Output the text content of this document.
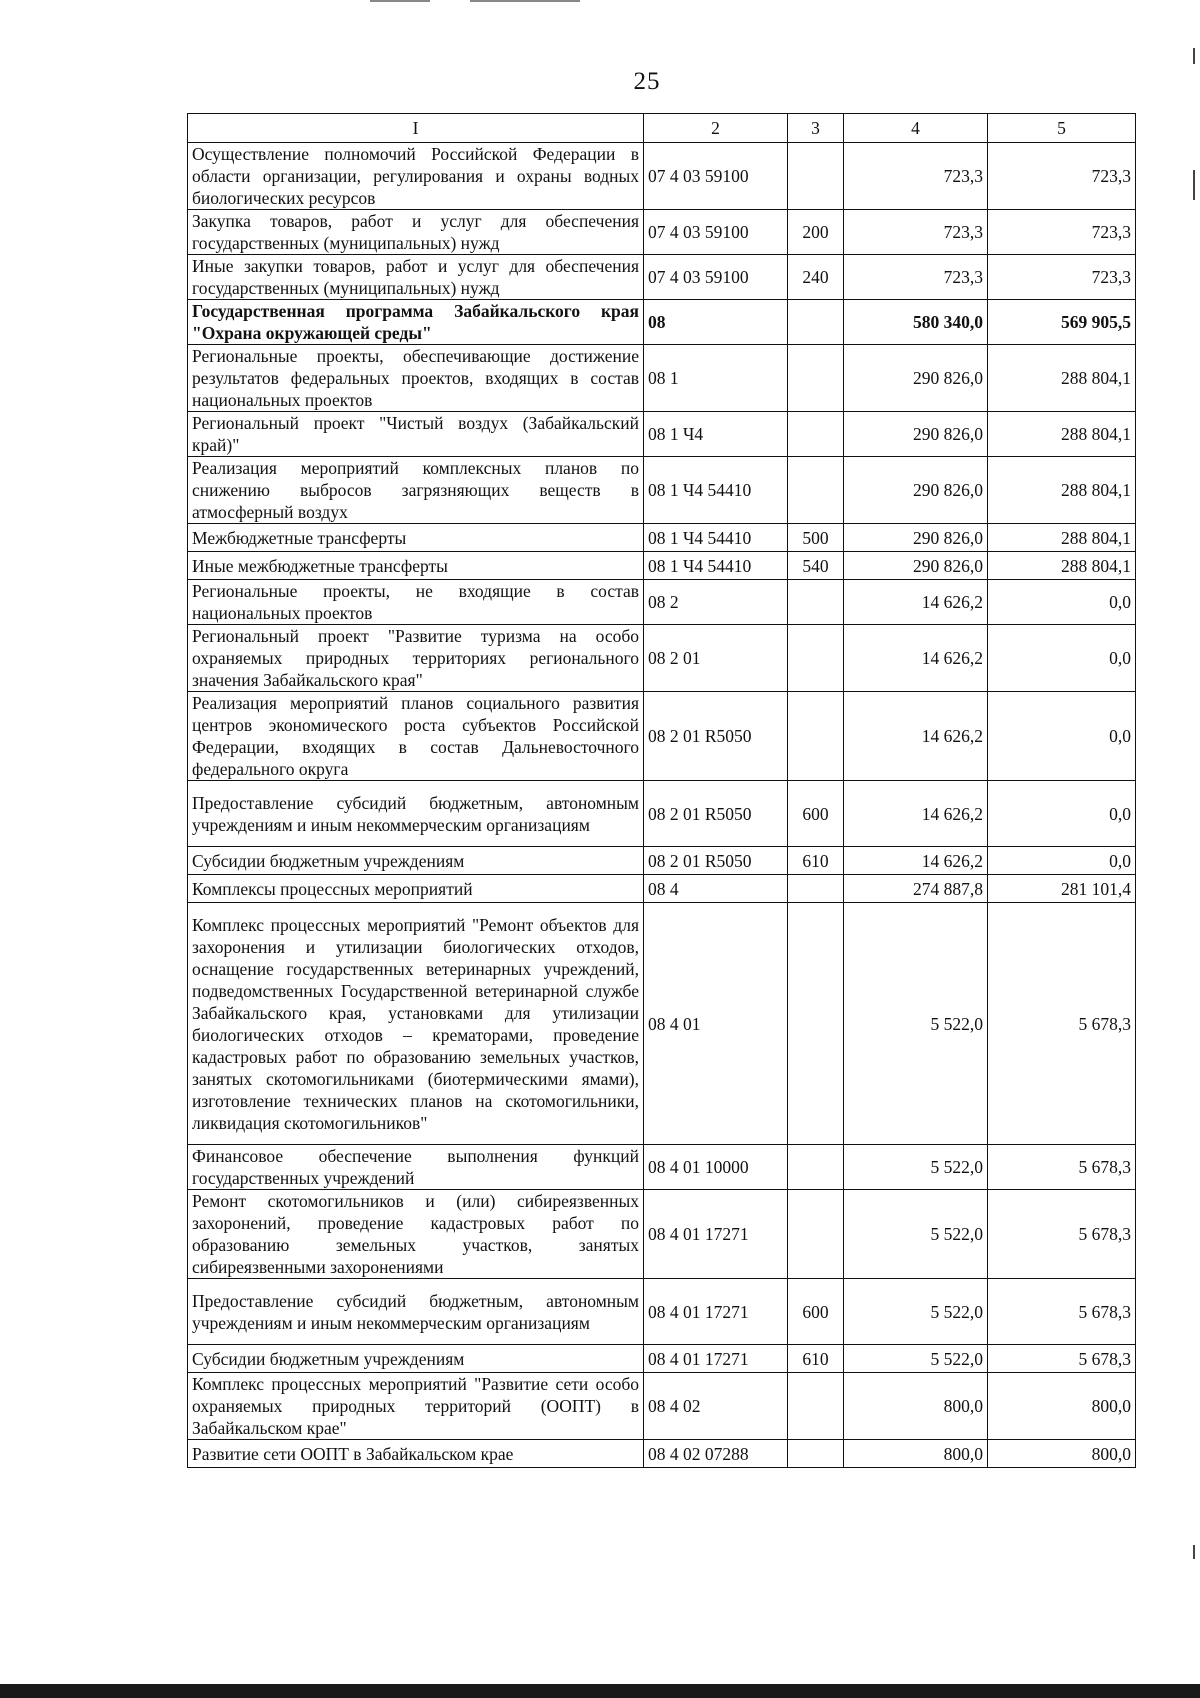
25
I	2	3	4	5
Осуществление полномочий Российской Федерации в области организации, регулирования и охраны водных биологических ресурсов	07 4 03 59100		723,3	723,3
Закупка товаров, работ и услуг для обеспечения государственных (муниципальных) нужд	07 4 03 59100	200	723,3	723,3
Иные закупки товаров, работ и услуг для обеспечения государственных (муниципальных) нужд	07 4 03 59100	240	723,3	723,3
Государственная программа Забайкальского края "Охрана окружающей среды"	08		580 340,0	569 905,5
Региональные проекты, обеспечивающие достижение результатов федеральных проектов, входящих в состав национальных проектов	08 1		290 826,0	288 804,1
Региональный проект "Чистый воздух (Забайкальский край)"	08 1 Ч4		290 826,0	288 804,1
Реализация мероприятий комплексных планов по снижению выбросов загрязняющих веществ в атмосферный воздух	08 1 Ч4 54410		290 826,0	288 804,1
Межбюджетные трансферты	08 1 Ч4 54410	500	290 826,0	288 804,1
Иные межбюджетные трансферты	08 1 Ч4 54410	540	290 826,0	288 804,1
Региональные проекты, не входящие в состав национальных проектов	08 2		14 626,2	0,0
Региональный проект "Развитие туризма на особо охраняемых природных территориях регионального значения Забайкальского края"	08 2 01		14 626,2	0,0
Реализация мероприятий планов социального развития центров экономического роста субъектов Российской Федерации, входящих в состав Дальневосточного федерального округа	08 2 01 R5050		14 626,2	0,0
Предоставление субсидий бюджетным, автономным учреждениям и иным некоммерческим организациям	08 2 01 R5050	600	14 626,2	0,0
Субсидии бюджетным учреждениям	08 2 01 R5050	610	14 626,2	0,0
Комплексы процессных мероприятий	08 4		274 887,8	281 101,4
Комплекс процессных мероприятий "Ремонт объектов для захоронения и утилизации биологических отходов, оснащение государственных ветеринарных учреждений, подведомственных Государственной ветеринарной службе Забайкальского края, установками для утилизации биологических отходов – крематорами, проведение кадастровых работ по образованию земельных участков, занятых скотомогильниками (биотермическими ямами), изготовление технических планов на скотомогильники, ликвидация скотомогильников"	08 4 01		5 522,0	5 678,3
Финансовое обеспечение выполнения функций государственных учреждений	08 4 01 10000		5 522,0	5 678,3
Ремонт скотомогильников и (или) сибиреязвенных захоронений, проведение кадастровых работ по образованию земельных участков, занятых сибиреязвенными захоронениями	08 4 01 17271		5 522,0	5 678,3
Предоставление субсидий бюджетным, автономным учреждениям и иным некоммерческим организациям	08 4 01 17271	600	5 522,0	5 678,3
Субсидии бюджетным учреждениям	08 4 01 17271	610	5 522,0	5 678,3
Комплекс процессных мероприятий "Развитие сети особо охраняемых природных территорий (ООПТ) в Забайкальском крае"	08 4 02		800,0	800,0
Развитие сети ООПТ в Забайкальском крае	08 4 02 07288		800,0	800,0
